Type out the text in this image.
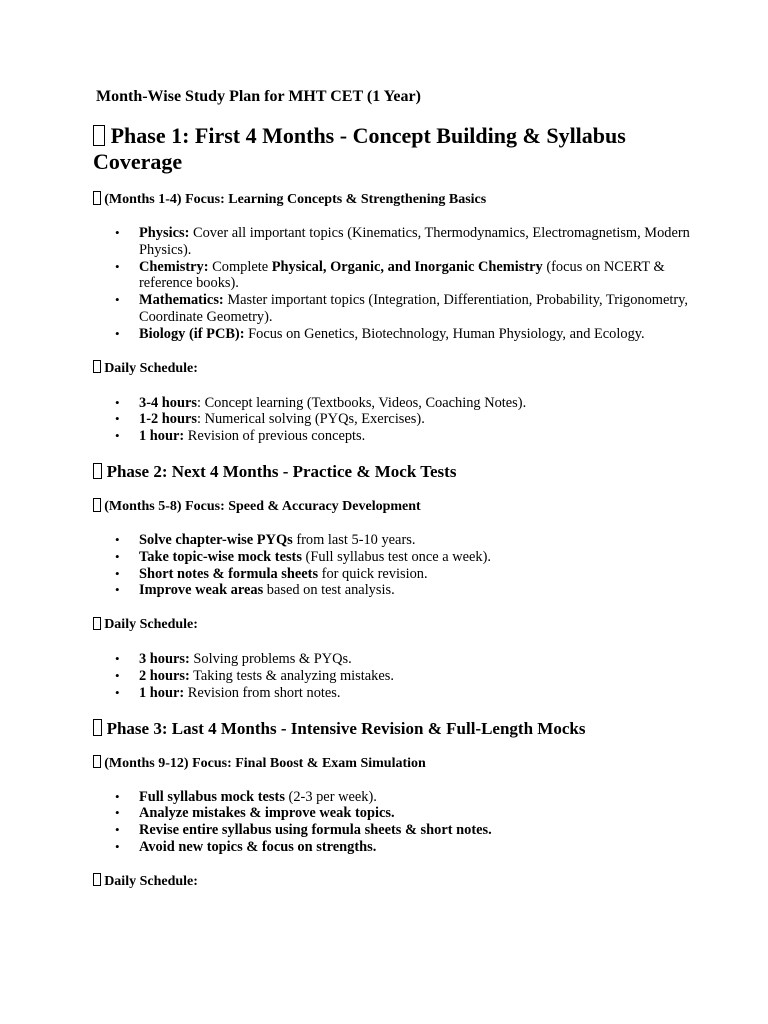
Month-Wise Study Plan for MHT CET (1 Year)
Phase 1: First 4 Months - Concept Building & Syllabus Coverage
(Months 1-4) Focus: Learning Concepts & Strengthening Basics
• Physics: Cover all important topics (Kinematics, Thermodynamics, Electromagnetism, Modern Physics).
• Chemistry: Complete Physical, Organic, and Inorganic Chemistry (focus on NCERT & reference books).
• Mathematics: Master important topics (Integration, Differentiation, Probability, Trigonometry, Coordinate Geometry).
• Biology (if PCB): Focus on Genetics, Biotechnology, Human Physiology, and Ecology.
Daily Schedule:
• 3-4 hours: Concept learning (Textbooks, Videos, Coaching Notes).
• 1-2 hours: Numerical solving (PYQs, Exercises).
• 1 hour: Revision of previous concepts.
Phase 2: Next 4 Months - Practice & Mock Tests
(Months 5-8) Focus: Speed & Accuracy Development
• Solve chapter-wise PYQs from last 5-10 years.
• Take topic-wise mock tests (Full syllabus test once a week).
• Short notes & formula sheets for quick revision.
• Improve weak areas based on test analysis.
Daily Schedule:
• 3 hours: Solving problems & PYQs.
• 2 hours: Taking tests & analyzing mistakes.
• 1 hour: Revision from short notes.
Phase 3: Last 4 Months - Intensive Revision & Full-Length Mocks
(Months 9-12) Focus: Final Boost & Exam Simulation
• Full syllabus mock tests (2-3 per week).
• Analyze mistakes & improve weak topics.
• Revise entire syllabus using formula sheets & short notes.
• Avoid new topics & focus on strengths.
Daily Schedule:
